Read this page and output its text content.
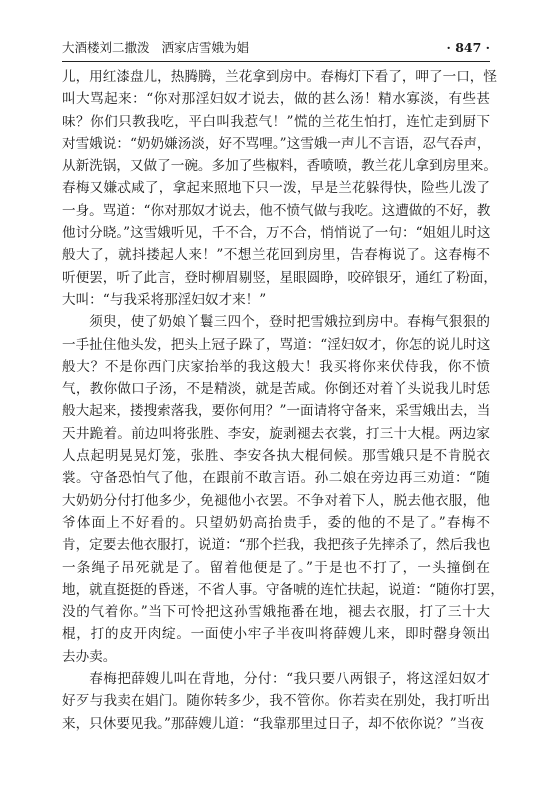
大酒楼刘二撒泼 洒家店雪娥为娼	· 847 ·
儿，用红漆盘儿，热腾腾，兰花拿到房中。春梅灯下看了，呷了一口，怪
叫大骂起来：“你对那淫妇奴才说去，做的甚么汤！精水寡淡，有些甚
味？你们只教我吃，平白叫我惹气！”慌的兰花生怕打，连忙走到厨下
对雪娥说：“奶奶嫌汤淡，好不骂哩。”这雪娥一声儿不言语，忍气吞声，
从新洗锅，又做了一碗。多加了些椒料，香喷喷，教兰花儿拿到房里来。
春梅又嫌忒咸了，拿起来照地下只一泼，早是兰花躲得快，险些儿泼了
一身。骂道：“你对那奴才说去，他不愤气做与我吃。这遭做的不好，教
他讨分晓。”这雪娥听见，千不合，万不合，悄悄说了一句：“姐姐儿时这
般大了，就抖搂起人来！”不想兰花回到房里，告春梅说了。这春梅不
听便罢，听了此言，登时柳眉剔竖，星眼圆睁，咬碎银牙，通红了粉面，
大叫：“与我采将那淫妇奴才来！”
须臾，使了奶娘丫鬟三四个，登时把雪娥拉到房中。春梅气狠狠的
一手扯住他头发，把头上冠子跺了，骂道：“淫妇奴才，你怎的说儿时这
般大？不是你西门庆家抬举的我这般大！我买将你来伏侍我，你不愤
气，教你做口子汤，不是精淡，就是苦咸。你倒还对着丫头说我儿时恁
般大起来，搂搜索落我，要你何用？”一面请将守备来，采雪娥出去，当
天井跪着。前边叫将张胜、李安，旋剥褪去衣裳，打三十大棍。两边家
人点起明晃晃灯笼，张胜、李安各执大棍伺候。那雪娥只是不肯脱衣
裳。守备恐怕气了他，在跟前不敢言语。孙二娘在旁边再三劝道：“随
大奶奶分付打他多少，免褪他小衣罢。不争对着下人，脱去他衣服，他
爷体面上不好看的。只望奶奶高抬贵手，委的他的不是了。”春梅不
肯，定要去他衣服打，说道：“那个拦我，我把孩子先摔杀了，然后我也
一条绳子吊死就是了。留着他便是了。”于是也不打了，一头撞倒在
地，就直挺挺的昏迷，不省人事。守备唬的连忙扶起，说道：“随你打罢，
没的气着你。”当下可怜把这孙雪娥拖番在地，褪去衣服，打了三十大
棍，打的皮开肉绽。一面使小牢子半夜叫将薛嫂儿来，即时罄身领出
去办卖。
春梅把薛嫂儿叫在背地，分付：“我只要八两银子，将这淫妇奴才
好歹与我卖在娼门。随你转多少，我不管你。你若卖在别处，我打听出
来，只休要见我。”那薛嫂儿道：“我靠那里过日子，却不依你说？”当夜
